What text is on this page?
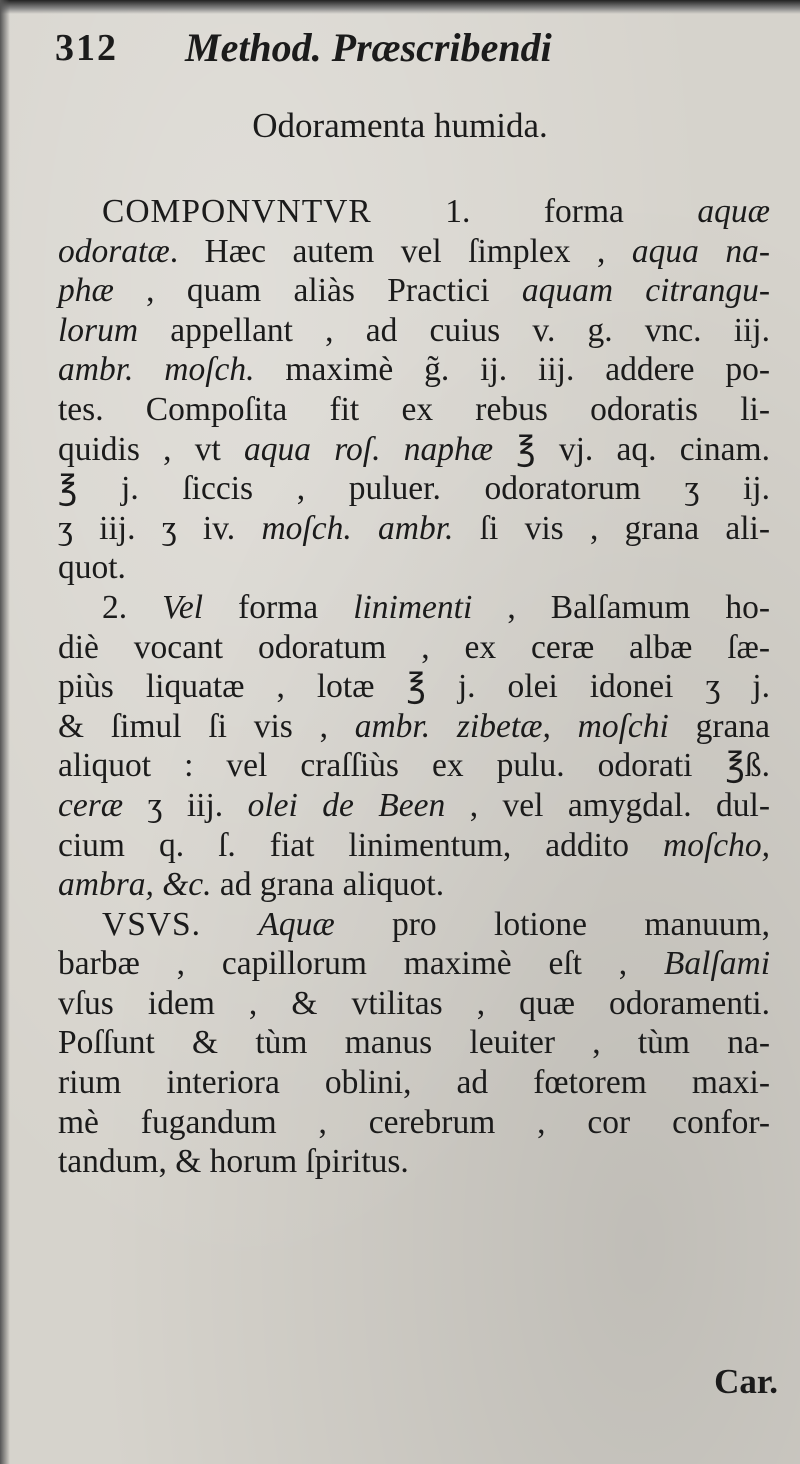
312 Method. Præscribendi
Odoramenta humida.
COMPONVNTVR 1. forma aquæ
odoratæ. Hæc autem vel ſimplex , aqua na-
phæ , quam aliàs Practici aquam citrangu-
lorum appellant , ad cuius v. g. vnc. iij.
ambr. moſch. maximè g̃. ij. iij. addere po-
tes. Compoſita fit ex rebus odoratis li-
quidis , vt aqua roſ. naphæ ℥ vj. aq. cinam.
℥ j. ſiccis , puluer. odoratorum ʒ ij.
ʒ iij. ʒ iv. moſch. ambr. ſi vis , grana ali-
quot.
2. Vel forma linimenti , Balſamum ho-
diè vocant odoratum , ex ceræ albæ ſæ-
piùs liquatæ , lotæ ℥ j. olei idonei ʒ j.
& ſimul ſi vis , ambr. zibetæ, moſchi grana
aliquot : vel craſſiùs ex pulu. odorati ℥ß.
ceræ ʒ iij. olei de Been , vel amygdal. dul-
cium q. ſ. fiat linimentum, addito moſcho,
ambra, &c. ad grana aliquot.
VSVS. Aquæ pro lotione manuum,
barbæ , capillorum maximè eſt , Balſami
vſus idem , & vtilitas , quæ odoramenti.
Poſſunt & tùm manus leuiter , tùm na-
rium interiora oblini, ad fœtorem maxi-
mè fugandum , cerebrum , cor confor-
tandum, & horum ſpiritus.
Car.
